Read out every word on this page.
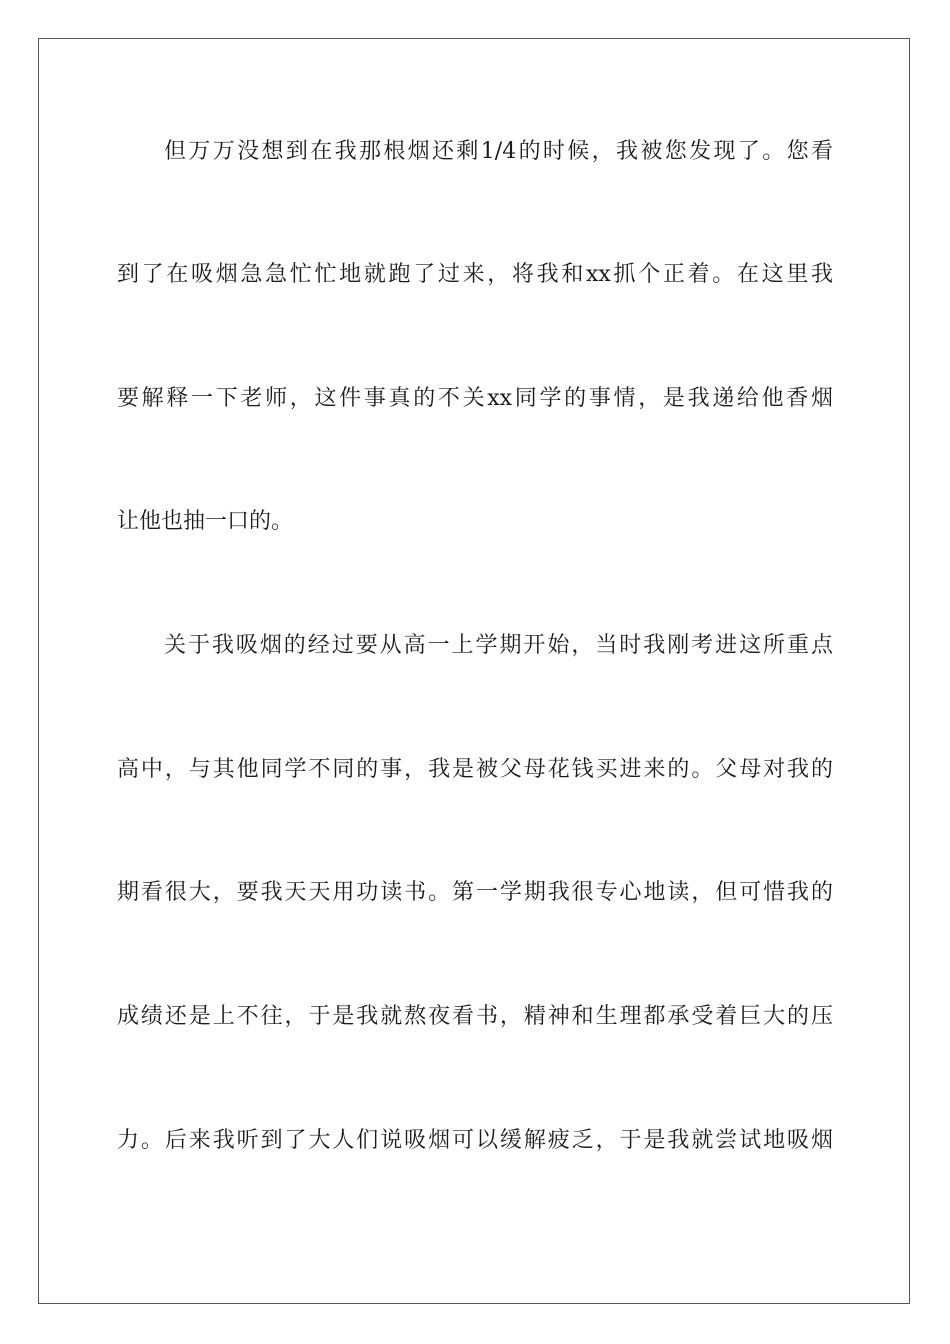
但万万没想到在我那根烟还剩1/4的时候，我被您发现了。您看
到了在吸烟急急忙忙地就跑了过来，将我和xx抓个正着。在这里我
要解释一下老师，这件事真的不关xx同学的事情，是我递给他香烟
让他也抽一口的。
关于我吸烟的经过要从高一上学期开始，当时我刚考进这所重点
高中，与其他同学不同的事，我是被父母花钱买进来的。父母对我的
期看很大，要我天天用功读书。第一学期我很专心地读，但可惜我的
成绩还是上不往，于是我就熬夜看书，精神和生理都承受着巨大的压
力。后来我听到了大人们说吸烟可以缓解疲乏，于是我就尝试地吸烟
